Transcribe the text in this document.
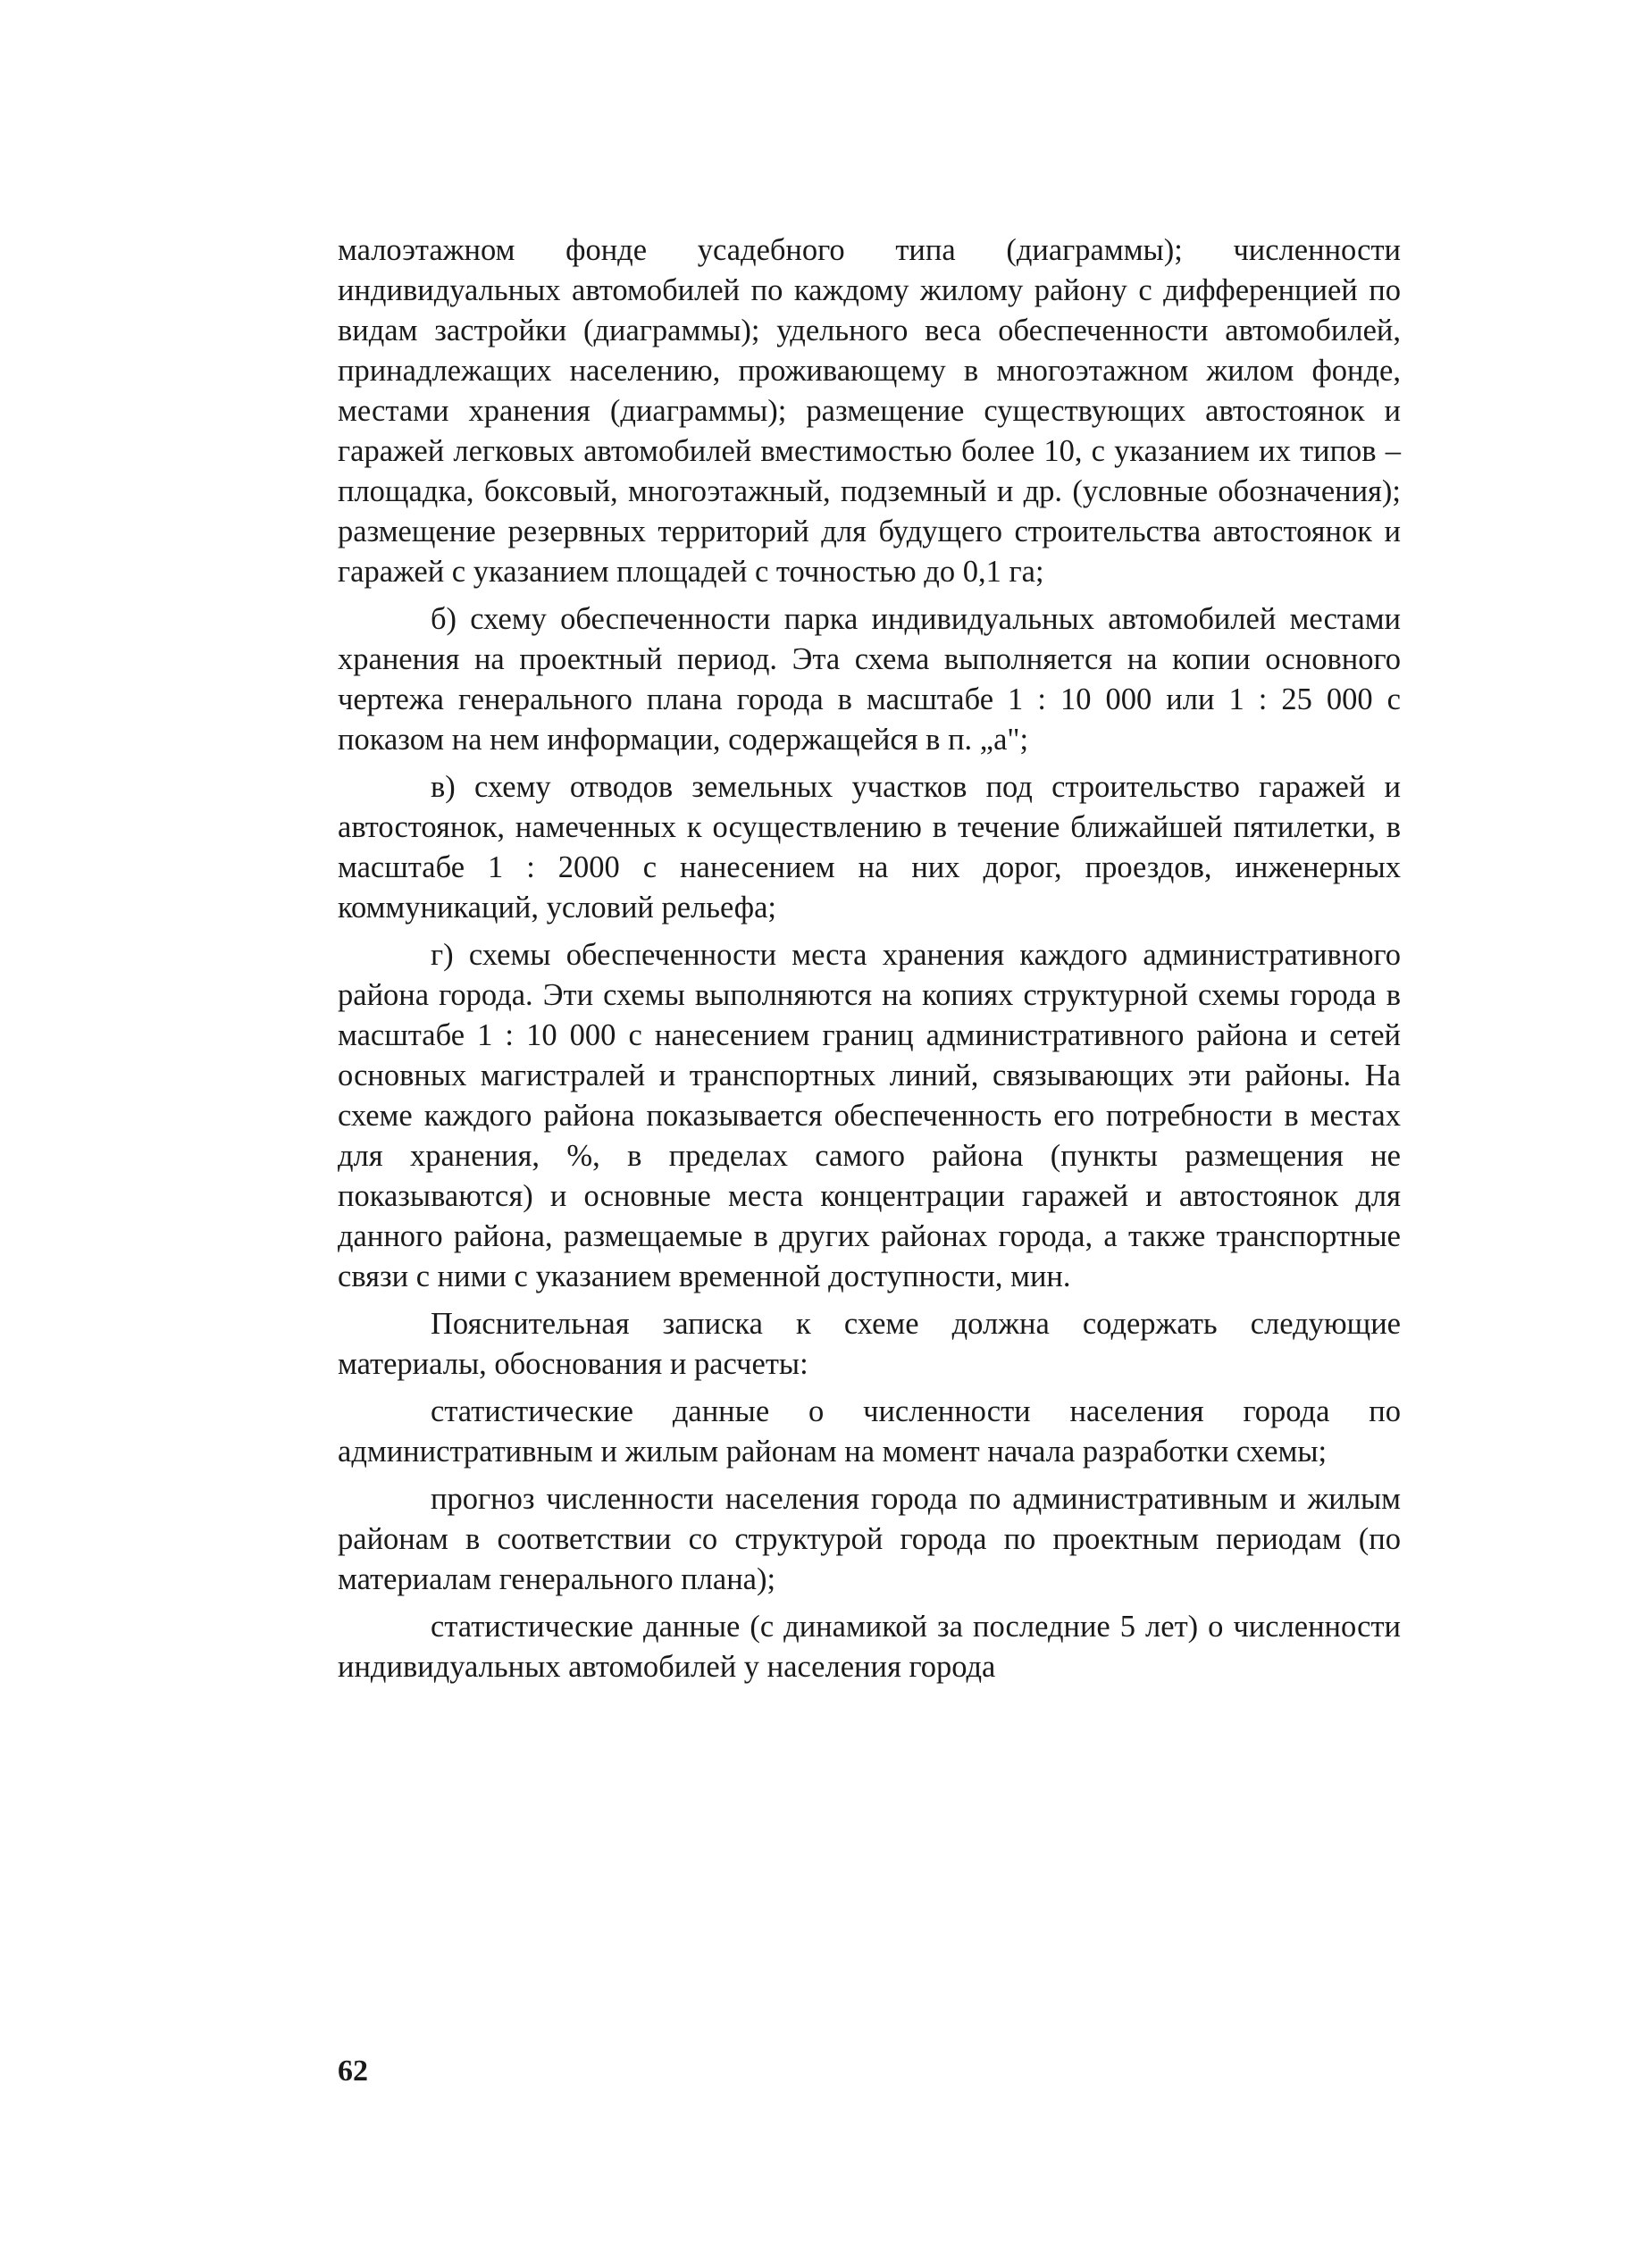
малоэтажном фонде усадебного типа (диаграммы); численности индивидуальных автомобилей по каждому жилому району с дифференцией по видам застройки (диаграммы); удельного веса обеспеченности автомобилей, принадлежащих населению, проживающему в многоэтажном жилом фонде, местами хранения (диаграммы); размещение существующих автостоянок и гаражей легковых автомобилей вместимостью более 10, с указанием их типов – площадка, боксовый, многоэтажный, подземный и др. (условные обозначения); размещение резервных территорий для будущего строительства автостоянок и гаражей с указанием площадей с точностью до 0,1 га;

б) схему обеспеченности парка индивидуальных автомобилей местами хранения на проектный период. Эта схема выполняется на копии основного чертежа генерального плана города в масштабе 1 : 10 000 или 1 : 25 000 с показом на нем информации, содержащейся в п. „а";

в) схему отводов земельных участков под строительство гаражей и автостоянок, намеченных к осуществлению в течение ближайшей пятилетки, в масштабе 1 : 2000 с нанесением на них дорог, проездов, инженерных коммуникаций, условий рельефа;

г) схемы обеспеченности места хранения каждого административного района города. Эти схемы выполняются на копиях структурной схемы города в масштабе 1 : 10 000 с нанесением границ административного района и сетей основных магистралей и транспортных линий, связывающих эти районы. На схеме каждого района показывается обеспеченность его потребности в местах для хранения, %, в пределах самого района (пункты размещения не показываются) и основные места концентрации гаражей и автостоянок для данного района, размещаемые в других районах города, а также транспортные связи с ними с указанием временной доступности, мин.

Пояснительная записка к схеме должна содержать следующие материалы, обоснования и расчеты:

статистические данные о численности населения города по административным и жилым районам на момент начала разработки схемы;

прогноз численности населения города по административным и жилым районам в соответствии со структурой города по проектным периодам (по материалам генерального плана);

статистические данные (с динамикой за последние 5 лет) о численности индивидуальных автомобилей у населения города

62
